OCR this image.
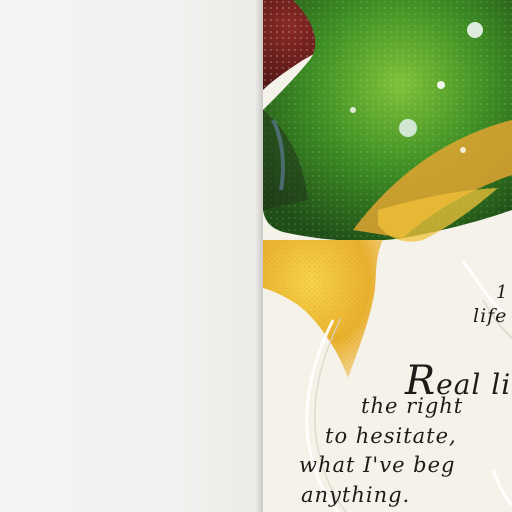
1
life
Real li
the right
to hesitate,
what I've beg
anything.
